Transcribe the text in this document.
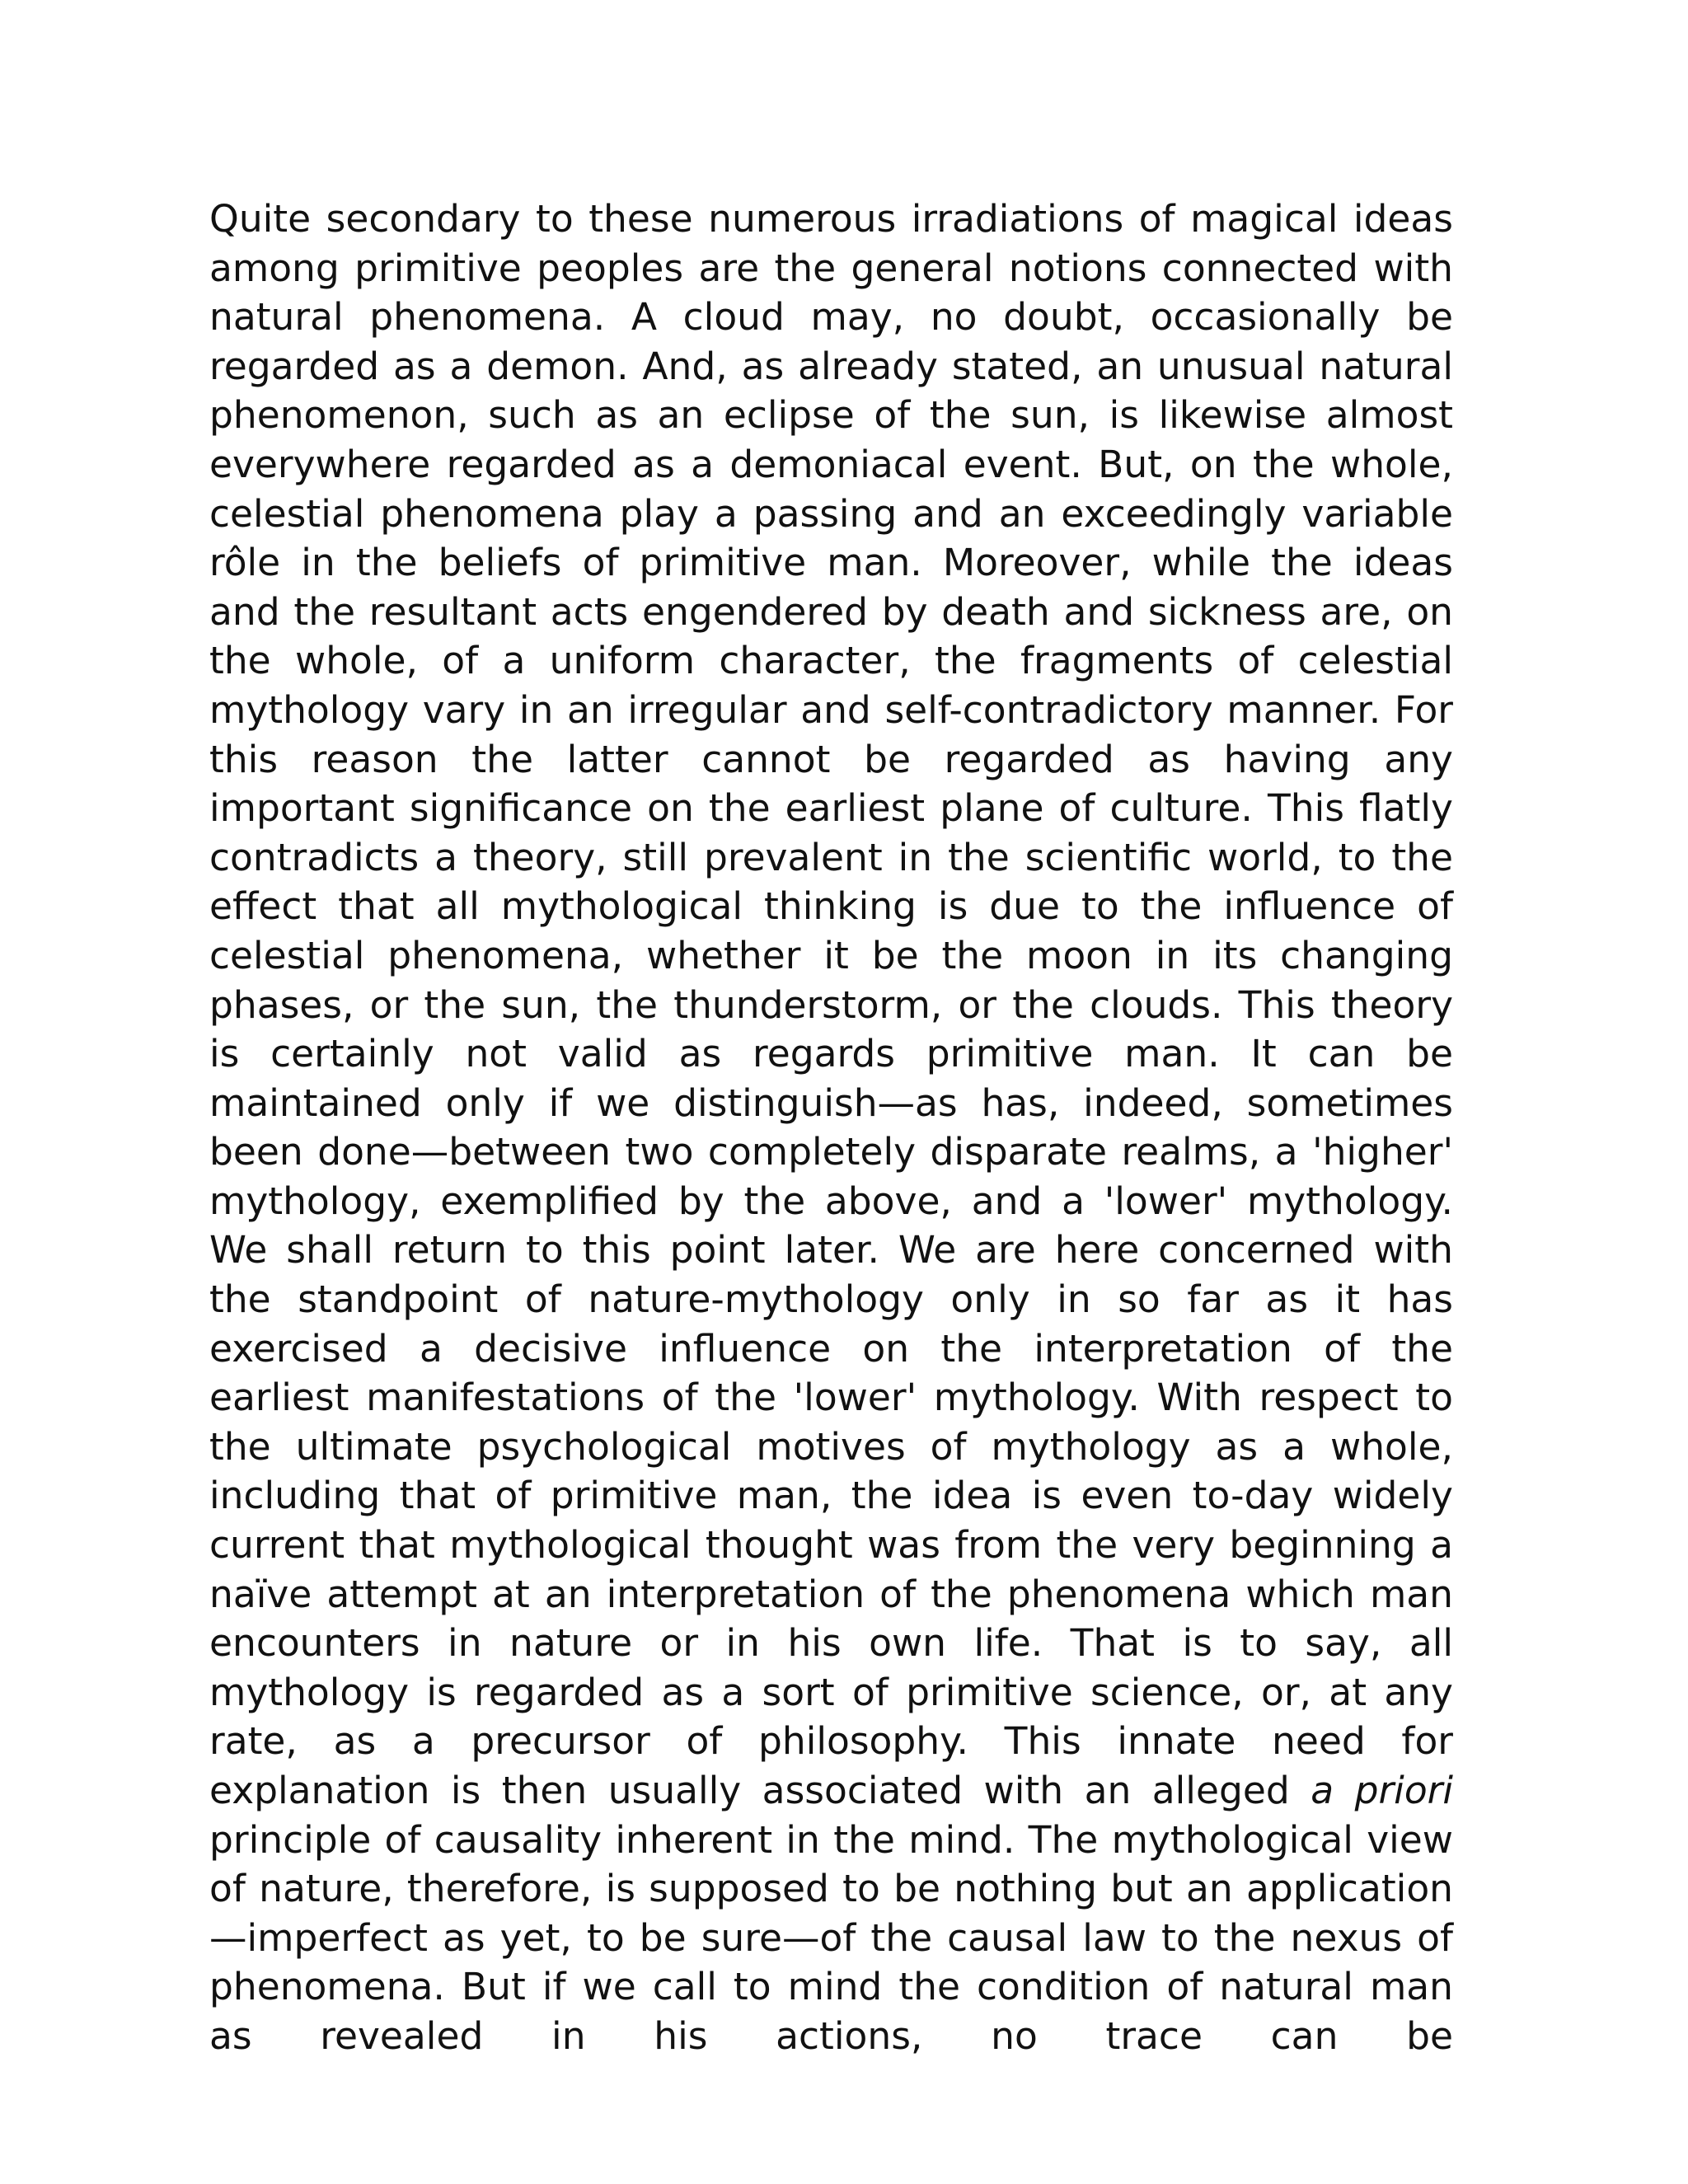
Quite secondary to these numerous irradiations of magical ideas among primitive peoples are the general notions connected with natural phenomena. A cloud may, no doubt, occasionally be regarded as a demon. And, as already stated, an unusual natural phenomenon, such as an eclipse of the sun, is likewise almost everywhere regarded as a demoniacal event. But, on the whole, celestial phenomena play a passing and an exceedingly variable rôle in the beliefs of primitive man. Moreover, while the ideas and the resultant acts engendered by death and sickness are, on the whole, of a uniform character, the fragments of celestial mythology vary in an irregular and self-contradictory manner. For this reason the latter cannot be regarded as having any important significance on the earliest plane of culture. This flatly contradicts a theory, still prevalent in the scientific world, to the effect that all mythological thinking is due to the influence of celestial phenomena, whether it be the moon in its changing phases, or the sun, the thunderstorm, or the clouds. This theory is certainly not valid as regards primitive man. It can be maintained only if we distinguish—as has, indeed, sometimes been done—between two completely disparate realms, a 'higher' mythology, exemplified by the above, and a 'lower' mythology. We shall return to this point later. We are here concerned with the standpoint of nature-mythology only in so far as it has exercised a decisive influence on the interpretation of the earliest manifestations of the 'lower' mythology. With respect to the ultimate psychological motives of mythology as a whole, including that of primitive man, the idea is even to-day widely current that mythological thought was from the very beginning a naïve attempt at an interpretation of the phenomena which man encounters in nature or in his own life. That is to say, all mythology is regarded as a sort of primitive science, or, at any rate, as a precursor of philosophy. This innate need for explanation is then usually associated with an alleged a priori principle of causality inherent in the mind. The mythological view of nature, therefore, is supposed to be nothing but an application—imperfect as yet, to be sure—of the causal law to the nexus of phenomena. But if we call to mind the condition of natural man as revealed in his actions, no trace can be
